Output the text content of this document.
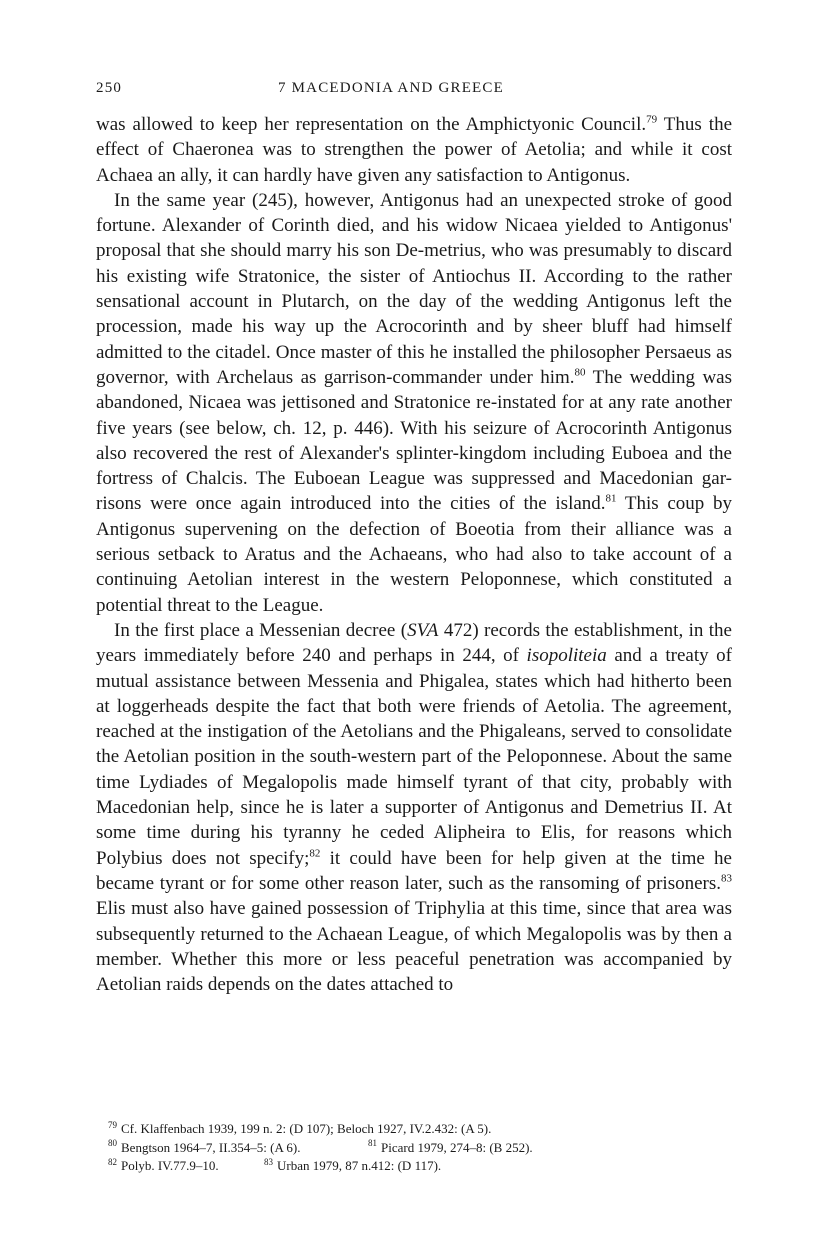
250	7 MACEDONIA AND GREECE

was allowed to keep her representation on the Amphictyonic Council.$^{79}$ Thus the effect of Chaeronea was to strengthen the power of Aetolia; and while it cost Achaea an ally, it can hardly have given any satisfaction to Antigonus.

In the same year (245), however, Antigonus had an unexpected stroke of good fortune. Alexander of Corinth died, and his widow Nicaea yielded to Antigonus' proposal that she should marry his son De-metrius, who was presumably to discard his existing wife Stratonice, the sister of Antiochus II. According to the rather sensational account in Plutarch, on the day of the wedding Antigonus left the procession, made his way up the Acrocorinth and by sheer bluff had himself admitted to the citadel. Once master of this he installed the philosopher Persaeus as governor, with Archelaus as garrison-commander under him.$^{80}$ The wedding was abandoned, Nicaea was jettisoned and Stratonice re-instated for at any rate another five years (see below, ch. 12, p. 446). With his seizure of Acrocorinth Antigonus also recovered the rest of Alexander's splinter-kingdom including Euboea and the fortress of Chalcis. The Euboean League was suppressed and Macedonian gar-risons were once again introduced into the cities of the island.$^{81}$ This coup by Antigonus supervening on the defection of Boeotia from their alliance was a serious setback to Aratus and the Achaeans, who had also to take account of a continuing Aetolian interest in the western Peloponnese, which constituted a potential threat to the League.

In the first place a Messenian decree (SVA 472) records the establishment, in the years immediately before 240 and perhaps in 244, of isopoliteia and a treaty of mutual assistance between Messenia and Phigalea, states which had hitherto been at loggerheads despite the fact that both were friends of Aetolia. The agreement, reached at the instigation of the Aetolians and the Phigaleans, served to consolidate the Aetolian position in the south-western part of the Peloponnese. About the same time Lydiades of Megalopolis made himself tyrant of that city, probably with Macedonian help, since he is later a supporter of Antigonus and Demetrius II. At some time during his tyranny he ceded Alipheira to Elis, for reasons which Polybius does not specify;$^{82}$ it could have been for help given at the time he became tyrant or for some other reason later, such as the ransoming of prisoners.$^{83}$ Elis must also have gained possession of Triphylia at this time, since that area was subsequently returned to the Achaean League, of which Megalopolis was by then a member. Whether this more or less peaceful penetration was accompanied by Aetolian raids depends on the dates attached to

$^{79}$ Cf. Klaffenbach 1939, 199 n. 2: (D 107); Beloch 1927, IV.2.432: (A 5).
$^{80}$ Bengtson 1964–7, II.354–5: (A 6).	$^{81}$ Picard 1979, 274–8: (B 252).
$^{82}$ Polyb. IV.77.9–10.	$^{83}$ Urban 1979, 87 n.412: (D 117).
